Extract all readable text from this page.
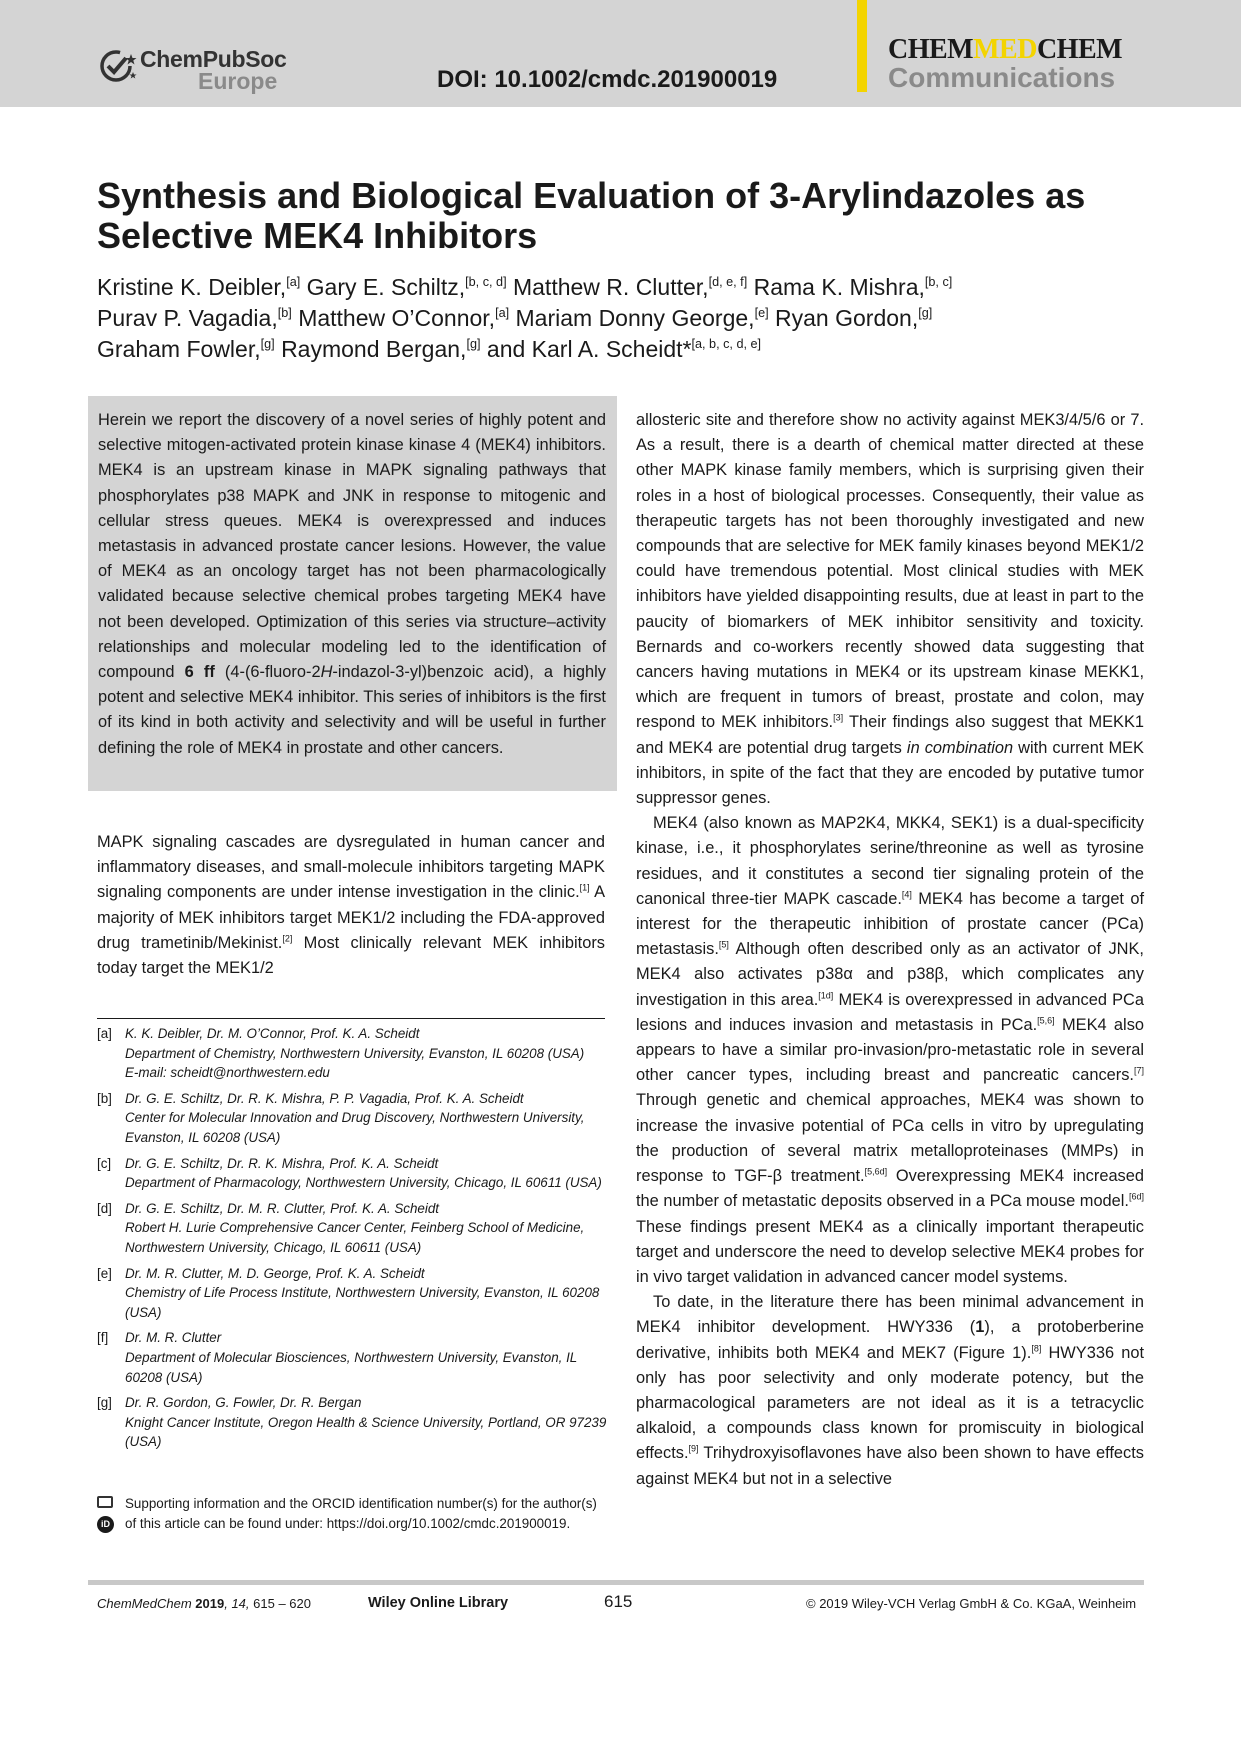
ChemPubSoc
Europe	DOI: 10.1002/cmdc.201900019
CHEMMEDCHEM
Communications
Synthesis and Biological Evaluation of 3-Arylindazoles as Selective MEK4 Inhibitors

Kristine K. Deibler,[a] Gary E. Schiltz,[b, c, d] Matthew R. Clutter,[d, e, f] Rama K. Mishra,[b, c]
Purav P. Vagadia,[b] Matthew O’Connor,[a] Mariam Donny George,[e] Ryan Gordon,[g]
Graham Fowler,[g] Raymond Bergan,[g] and Karl A. Scheidt*[a, b, c, d, e]

Herein we report the discovery of a novel series of highly potent and selective mitogen-activated protein kinase kinase 4 (MEK4) inhibitors. MEK4 is an upstream kinase in MAPK signaling pathways that phosphorylates p38 MAPK and JNK in response to mitogenic and cellular stress queues. MEK4 is overexpressed and induces metastasis in advanced prostate cancer lesions. However, the value of MEK4 as an oncology target has not been pharmacologically validated because selective chemical probes targeting MEK4 have not been developed. Optimization of this series via structure–activity relationships and molecular modeling led to the identification of compound 6 ff (4-(6-fluoro-2H-indazol-3-yl)benzoic acid), a highly potent and selective MEK4 inhibitor. This series of inhibitors is the first of its kind in both activity and selectivity and will be useful in further defining the role of MEK4 in prostate and other cancers.

MAPK signaling cascades are dysregulated in human cancer and inflammatory diseases, and small-molecule inhibitors targeting MAPK signaling components are under intense investigation in the clinic.[1] A majority of MEK inhibitors target MEK1/2 including the FDA-approved drug trametinib/Mekinist.[2] Most clinically relevant MEK inhibitors today target the MEK1/2

allosteric site and therefore show no activity against MEK3/4/5/6 or 7. As a result, there is a dearth of chemical matter directed at these other MAPK kinase family members, which is surprising given their roles in a host of biological processes. Consequently, their value as therapeutic targets has not been thoroughly investigated and new compounds that are selective for MEK family kinases beyond MEK1/2 could have tremendous potential. Most clinical studies with MEK inhibitors have yielded disappointing results, due at least in part to the paucity of biomarkers of MEK inhibitor sensitivity and toxicity. Bernards and co-workers recently showed data suggesting that cancers having mutations in MEK4 or its upstream kinase MEKK1, which are frequent in tumors of breast, prostate and colon, may respond to MEK inhibitors.[3] Their findings also suggest that MEKK1 and MEK4 are potential drug targets in combination with current MEK inhibitors, in spite of the fact that they are encoded by putative tumor suppressor genes.

MEK4 (also known as MAP2K4, MKK4, SEK1) is a dual-specificity kinase, i.e., it phosphorylates serine/threonine as well as tyrosine residues, and it constitutes a second tier signaling protein of the canonical three-tier MAPK cascade.[4] MEK4 has become a target of interest for the therapeutic inhibition of prostate cancer (PCa) metastasis.[5] Although often described only as an activator of JNK, MEK4 also activates p38α and p38β, which complicates any investigation in this area.[1d] MEK4 is overexpressed in advanced PCa lesions and induces invasion and metastasis in PCa.[5,6] MEK4 also appears to have a similar pro-invasion/pro-metastatic role in several other cancer types, including breast and pancreatic cancers.[7] Through genetic and chemical approaches, MEK4 was shown to increase the invasive potential of PCa cells in vitro by upregulating the production of several matrix metalloproteinases (MMPs) in response to TGF-β treatment.[5,6d] Overexpressing MEK4 increased the number of metastatic deposits observed in a PCa mouse model.[6d] These findings present MEK4 as a clinically important therapeutic target and underscore the need to develop selective MEK4 probes for in vivo target validation in advanced cancer model systems.

To date, in the literature there has been minimal advancement in MEK4 inhibitor development. HWY336 (1), a protoberberine derivative, inhibits both MEK4 and MEK7 (Figure 1).[8] HWY336 not only has poor selectivity and only moderate potency, but the pharmacological parameters are not ideal as it is a tetracyclic alkaloid, a compounds class known for promiscuity in biological effects.[9] Trihydroxyisoflavones have also been shown to have effects against MEK4 but not in a selective

[a] K. K. Deibler, Dr. M. O’Connor, Prof. K. A. Scheidt
Department of Chemistry, Northwestern University, Evanston, IL 60208 (USA)
E-mail: scheidt@northwestern.edu
[b] Dr. G. E. Schiltz, Dr. R. K. Mishra, P. P. Vagadia, Prof. K. A. Scheidt
Center for Molecular Innovation and Drug Discovery, Northwestern University, Evanston, IL 60208 (USA)
[c] Dr. G. E. Schiltz, Dr. R. K. Mishra, Prof. K. A. Scheidt
Department of Pharmacology, Northwestern University, Chicago, IL 60611 (USA)
[d] Dr. G. E. Schiltz, Dr. M. R. Clutter, Prof. K. A. Scheidt
Robert H. Lurie Comprehensive Cancer Center, Feinberg School of Medicine, Northwestern University, Chicago, IL 60611 (USA)
[e] Dr. M. R. Clutter, M. D. George, Prof. K. A. Scheidt
Chemistry of Life Process Institute, Northwestern University, Evanston, IL 60208 (USA)
[f] Dr. M. R. Clutter
Department of Molecular Biosciences, Northwestern University, Evanston, IL 60208 (USA)
[g] Dr. R. Gordon, G. Fowler, Dr. R. Bergan
Knight Cancer Institute, Oregon Health & Science University, Portland, OR 97239 (USA)
iD
Supporting information and the ORCID identification number(s) for the author(s) of this article can be found under: https://doi.org/10.1002/cmdc.201900019.
ChemMedChem 2019, 14, 615 – 620	Wiley Online Library	615	© 2019 Wiley-VCH Verlag GmbH & Co. KGaA, Weinheim
